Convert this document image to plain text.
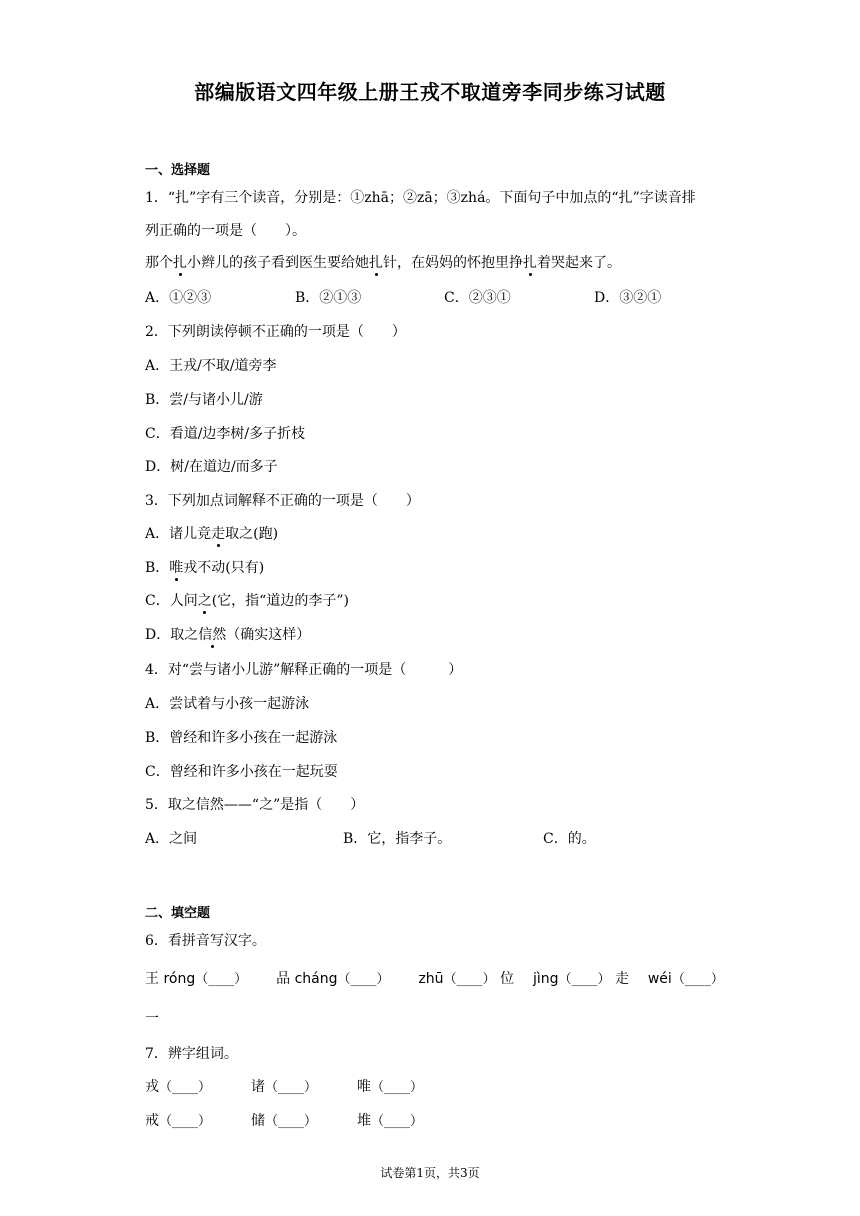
部编版语文四年级上册王戎不取道旁李同步练习试题
一、选择题
1．“扎”字有三个读音，分别是：①zhā；②zā；③zhá。下面句子中加点的“扎”字读音排
列正确的一项是（　　）。
那个扎小辫儿的孩子看到医生要给她扎针，在妈妈的怀抱里挣扎着哭起来了。
A．①②③	B．②①③	C．②③①	D．③②①
2．下列朗读停顿不正确的一项是（　　）
A．王戎/不取/道旁李
B．尝/与诸小儿/游
C．看道/边李树/多子折枝
D．树/在道边/而多子
3．下列加点词解释不正确的一项是（　　）
A．诸儿竞走取之(跑)
B．唯戎不动(只有)
C．人问之(它，指“道边的李子”)
D．取之信然（确实这样）
4．对“尝与诸小儿游”解释正确的一项是（　　　）
A．尝试着与小孩一起游泳
B．曾经和许多小孩在一起游泳
C．曾经和许多小孩在一起玩耍
5．取之信然——“之”是指（　　）
A．之间	B．它，指李子。	C．的。
二、填空题
6．看拼音写汉字。
王 róng（____） 品 cháng（____） zhū（____） 位 jìng（____） 走 wéi（____）
一
7．辨字组词。
戎（____）	诸（____）	唯（____）
戒（____）	储（____）	堆（____）
试卷第1页，共3页
